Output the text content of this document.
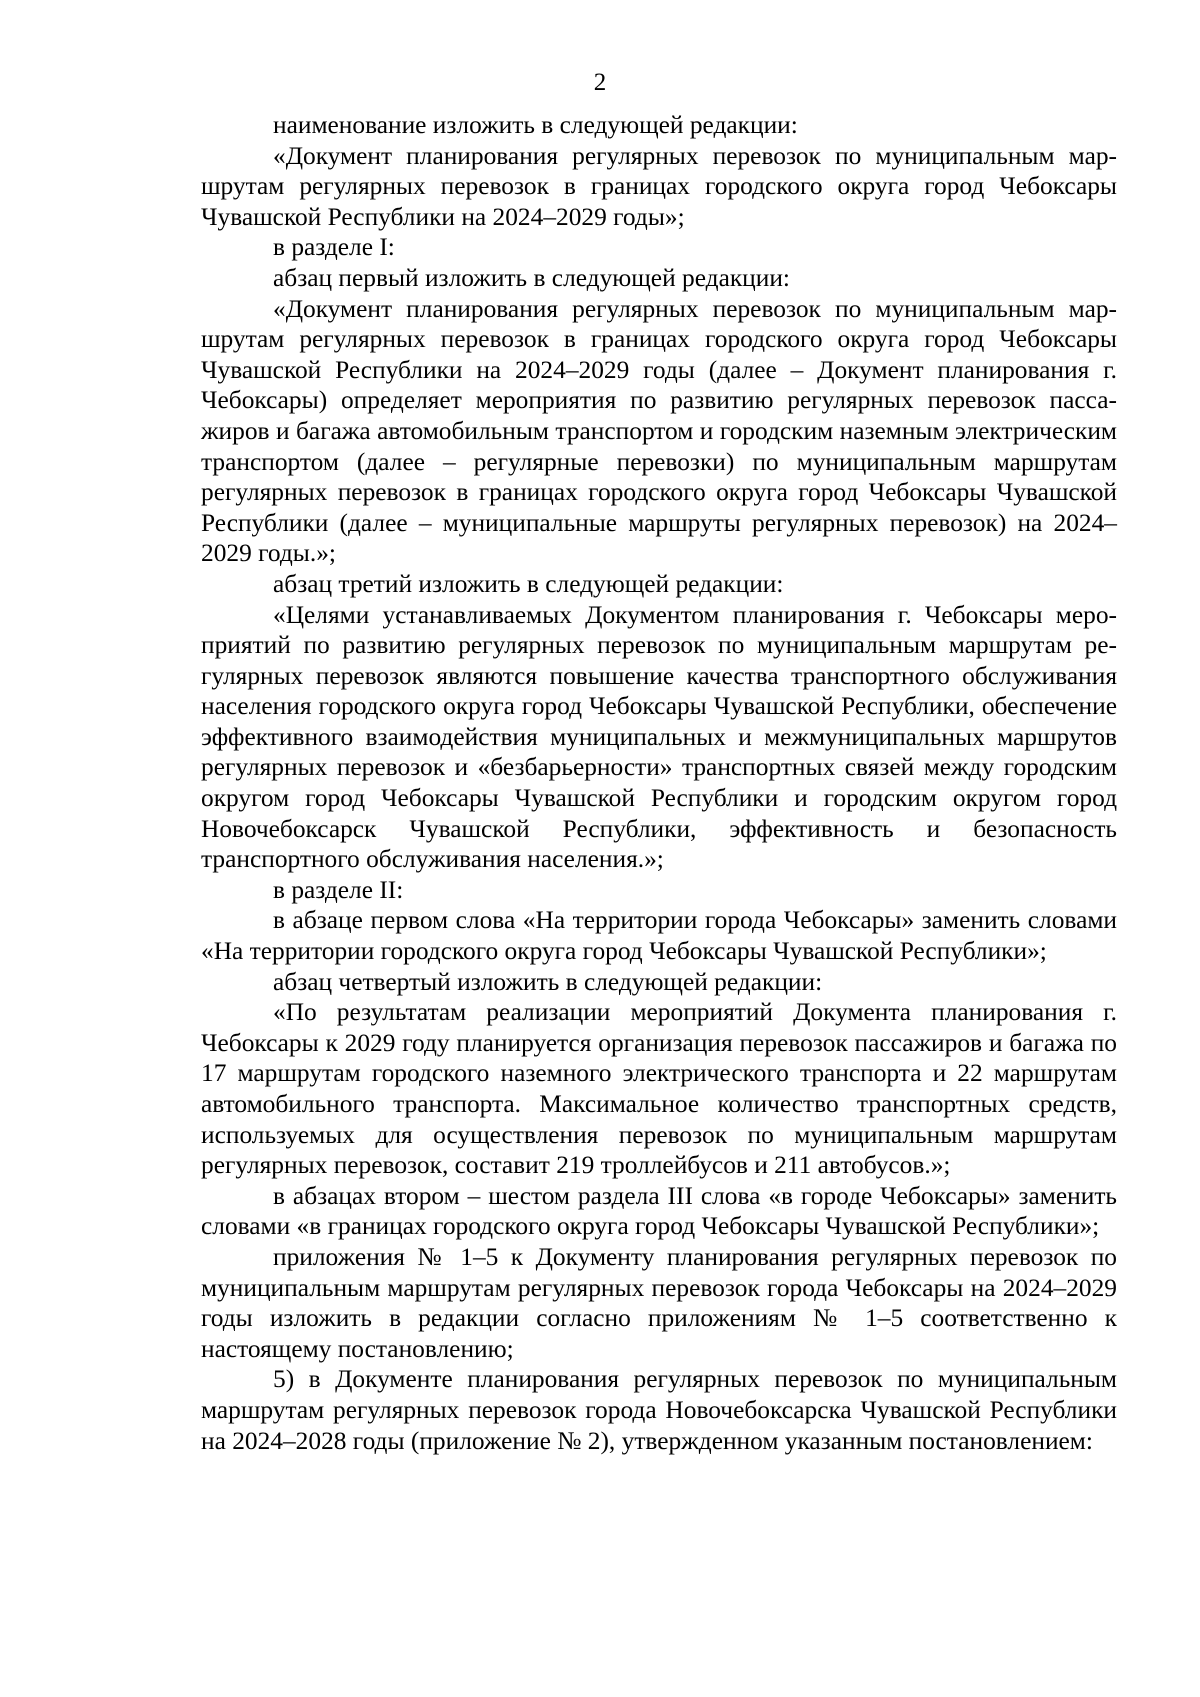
2

наименование изложить в следующей редакции:

«Документ планирования регулярных перевозок по муниципальным маршрутам регулярных перевозок в границах городского округа город Чебоксары Чувашской Республики на 2024–2029 годы»;

в разделе I:

абзац первый изложить в следующей редакции:

«Документ планирования регулярных перевозок по муниципальным маршрутам регулярных перевозок в границах городского округа город Чебоксары Чувашской Республики на 2024–2029 годы (далее – Документ планирования г. Чебоксары) определяет мероприятия по развитию регулярных перевозок пассажиров и багажа автомобильным транспортом и городским наземным электрическим транспортом (далее – регулярные перевозки) по муниципальным маршрутам регулярных перевозок в границах городского округа город Чебоксары Чувашской Республики (далее – муниципальные маршруты регулярных перевозок) на 2024–2029 годы.»;

абзац третий изложить в следующей редакции:

«Целями устанавливаемых Документом планирования г. Чебоксары мероприятий по развитию регулярных перевозок по муниципальным маршрутам регулярных перевозок являются повышение качества транспортного обслуживания населения городского округа город Чебоксары Чувашской Республики, обеспечение эффективного взаимодействия муниципальных и межмуниципальных маршрутов регулярных перевозок и «безбарьерности» транспортных связей между городским округом город Чебоксары Чувашской Республики и городским округом город Новочебоксарск Чувашской Республики, эффективность и безопасность транспортного обслуживания населения.»;

в разделе II:

в абзаце первом слова «На территории города Чебоксары» заменить словами «На территории городского округа город Чебоксары Чувашской Республики»;

абзац четвертый изложить в следующей редакции:

«По результатам реализации мероприятий Документа планирования г. Чебоксары к 2029 году планируется организация перевозок пассажиров и багажа по 17 маршрутам городского наземного электрического транспорта и 22 маршрутам автомобильного транспорта. Максимальное количество транспортных средств, используемых для осуществления перевозок по муниципальным маршрутам регулярных перевозок, составит 219 троллейбусов и 211 автобусов.»;

в абзацах втором – шестом раздела III слова «в городе Чебоксары» заменить словами «в границах городского округа город Чебоксары Чувашской Республики»;

приложения № 1–5 к Документу планирования регулярных перевозок по муниципальным маршрутам регулярных перевозок города Чебоксары на 2024–2029 годы изложить в редакции согласно приложениям № 1–5 соответственно к настоящему постановлению;

5) в Документе планирования регулярных перевозок по муниципальным маршрутам регулярных перевозок города Новочебоксарска Чувашской Республики на 2024–2028 годы (приложение № 2), утвержденном указанным постановлением:
